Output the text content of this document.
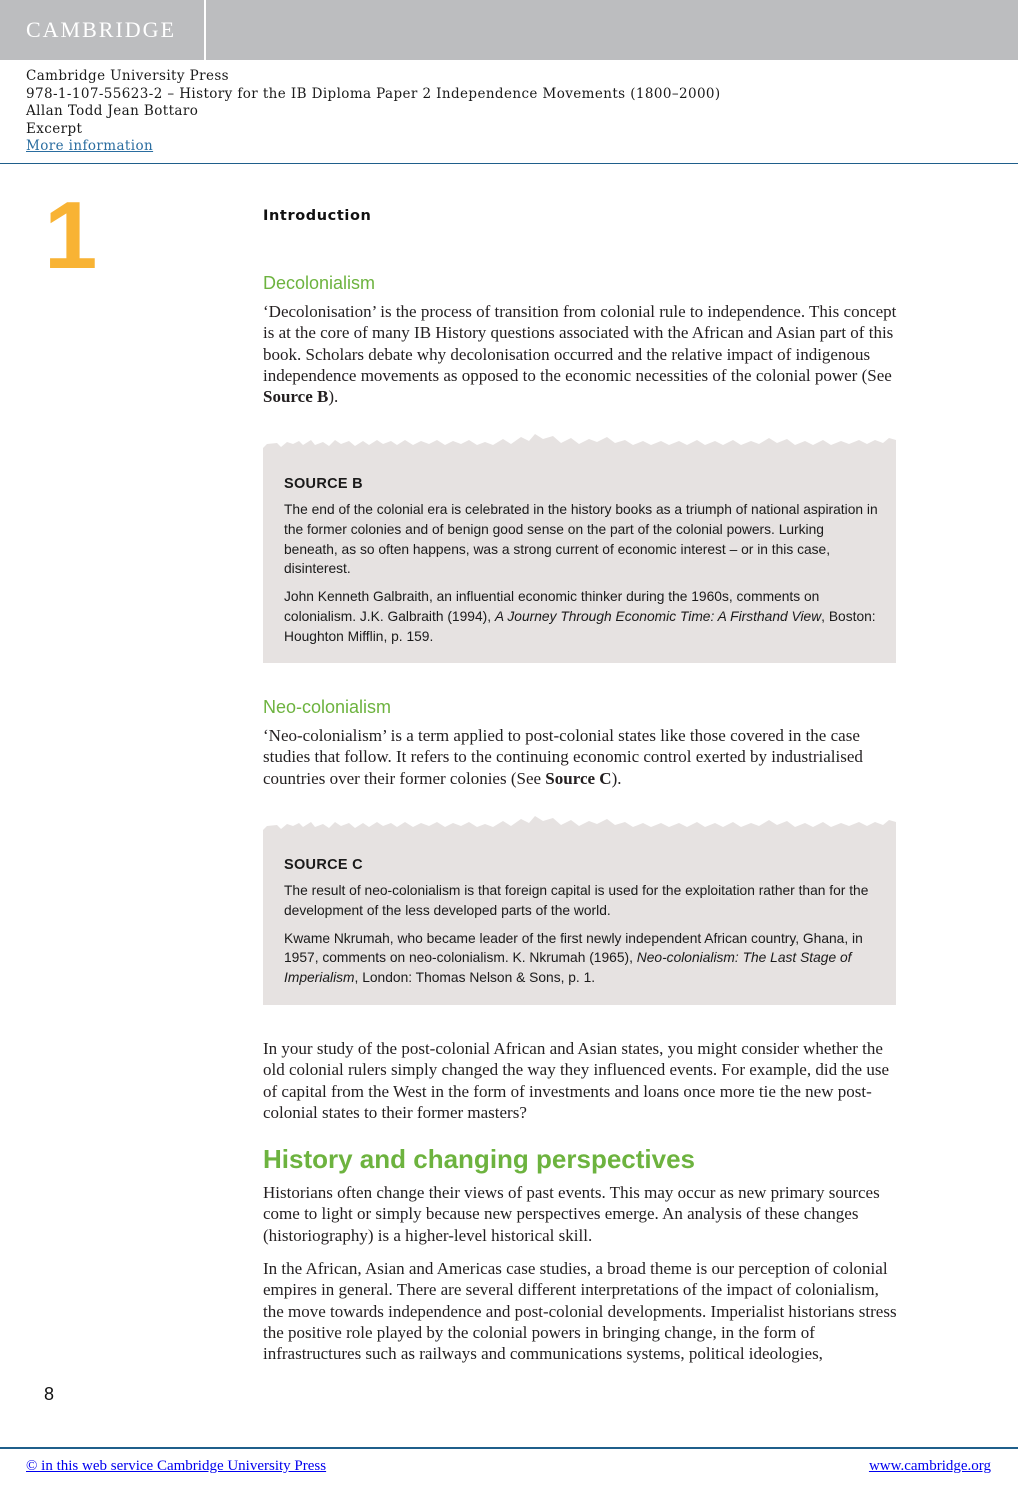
CAMBRIDGE
Cambridge University Press
978-1-107-55623-2 – History for the IB Diploma Paper 2 Independence Movements (1800–2000)
Allan Todd Jean Bottaro
Excerpt
More information
1	Introduction
Decolonialism

‘Decolonisation’ is the process of transition from colonial rule to independence. This concept is at the core of many IB History questions associated with the African and Asian part of this book. Scholars debate why decolonisation occurred and the relative impact of indigenous independence movements as opposed to the economic necessities of the colonial power (See Source B).

SOURCE B

The end of the colonial era is celebrated in the history books as a triumph of national aspiration in the former colonies and of benign good sense on the part of the colonial powers. Lurking beneath, as so often happens, was a strong current of economic interest – or in this case, disinterest.

John Kenneth Galbraith, an influential economic thinker during the 1960s, comments on colonialism. J.K. Galbraith (1994), A Journey Through Economic Time: A Firsthand View, Boston: Houghton Mifflin, p. 159.

Neo-colonialism

‘Neo-colonialism’ is a term applied to post-colonial states like those covered in the case studies that follow. It refers to the continuing economic control exerted by industrialised countries over their former colonies (See Source C).

SOURCE C

The result of neo-colonialism is that foreign capital is used for the exploitation rather than for the development of the less developed parts of the world.

Kwame Nkrumah, who became leader of the first newly independent African country, Ghana, in 1957, comments on neo-colonialism. K. Nkrumah (1965), Neo-colonialism: The Last Stage of Imperialism, London: Thomas Nelson & Sons, p. 1.

In your study of the post-colonial African and Asian states, you might consider whether the old colonial rulers simply changed the way they influenced events. For example, did the use of capital from the West in the form of investments and loans once more tie the new post-colonial states to their former masters?

History and changing perspectives

Historians often change their views of past events. This may occur as new primary sources come to light or simply because new perspectives emerge. An analysis of these changes (historiography) is a higher-level historical skill.

In the African, Asian and Americas case studies, a broad theme is our perception of colonial empires in general. There are several different interpretations of the impact of colonialism, the move towards independence and post-colonial developments. Imperialist historians stress the positive role played by the colonial powers in bringing change, in the form of infrastructures such as railways and communications systems, political ideologies,

8
© in this web service Cambridge University Press	www.cambridge.org
